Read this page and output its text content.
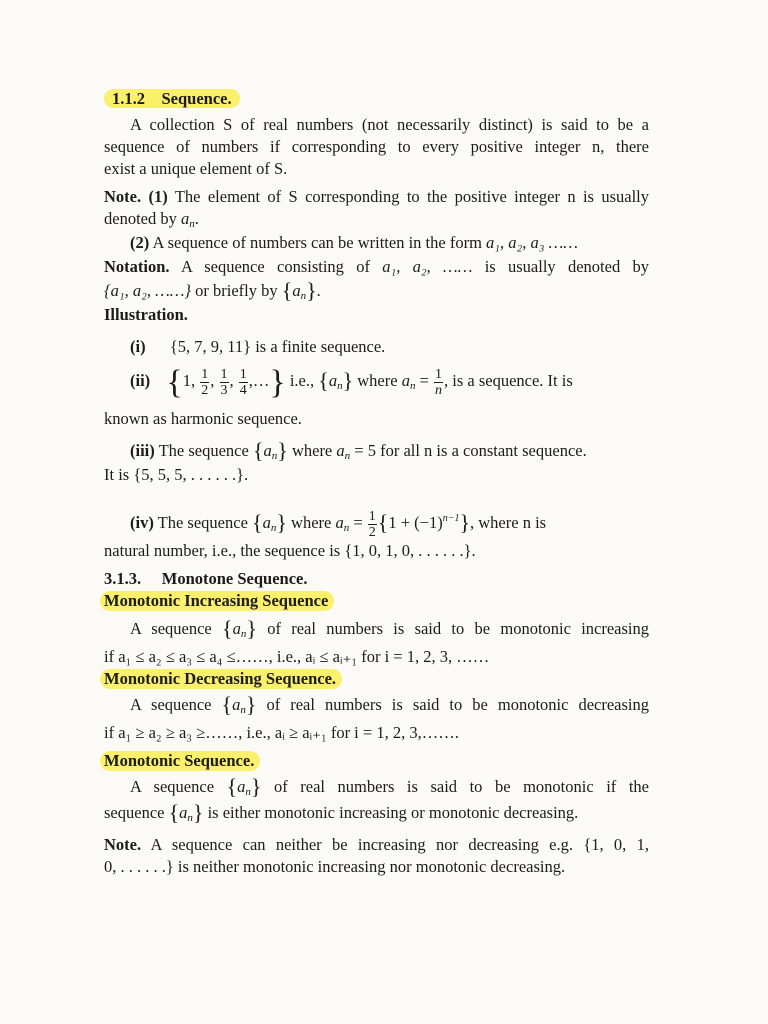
1.1.2 Sequence.
A collection S of real numbers (not necessarily distinct) is said to be a
sequence of numbers if corresponding to every positive integer n, there
exist a unique element of S.
Note. (1) The element of S corresponding to the positive integer n is usually
denoted by $a_n$.
(2) A sequence of numbers can be written in the form a₁, a₂, a₃ ……
Notation. A sequence consisting of a₁, a₂, …… is usually denoted by
{a₁, a₂, ……} or briefly by $\{a_n\}$.
Illustration.
(i) {5, 7, 9, 11} is a finite sequence.
(ii) {1, $\frac{1}{2}$ , $\frac{1}{3}$ , $\frac{1}{4}$ ,…} i.e., $\{a_n\}$ where $a_n = \frac{1}{n}$ , is a sequence. It is
known as harmonic sequence.
(iii) The sequence $\{a_n\}$ where $a_n = 5$ for all n is a constant sequence.
It is {5, 5, 5, . . . . . .}.
(iv) The sequence $\{a_n\}$ where $a_n = \frac{1}{2} \{1 + (-1)^{n-1}\}$, where n is
natural number, i.e., the sequence is {1, 0, 1, 0, . . . . . .}.
3.1.3. Monotone Sequence.
Monotonic Increasing Sequence
A sequence $\{a_n\}$ of real numbers is said to be monotonic increasing
if a₁ ≤ a₂ ≤ a₃ ≤ a₄ ≤……, i.e., aᵢ ≤ aᵢ₊₁ for i = 1, 2, 3, ……
Monotonic Decreasing Sequence.
A sequence $\{a_n\}$ of real numbers is said to be monotonic decreasing
if a₁ ≥ a₂ ≥ a₃ ≥……, i.e., aᵢ ≥ aᵢ₊₁ for i = 1, 2, 3,…….
Monotonic Sequence.
A sequence $\{a_n\}$ of real numbers is said to be monotonic if the
sequence $\{a_n\}$ is either monotonic increasing or monotonic decreasing.
Note. A sequence can neither be increasing nor decreasing e.g. {1, 0, 1,
0, . . . . . .} is neither monotonic increasing nor monotonic decreasing.
